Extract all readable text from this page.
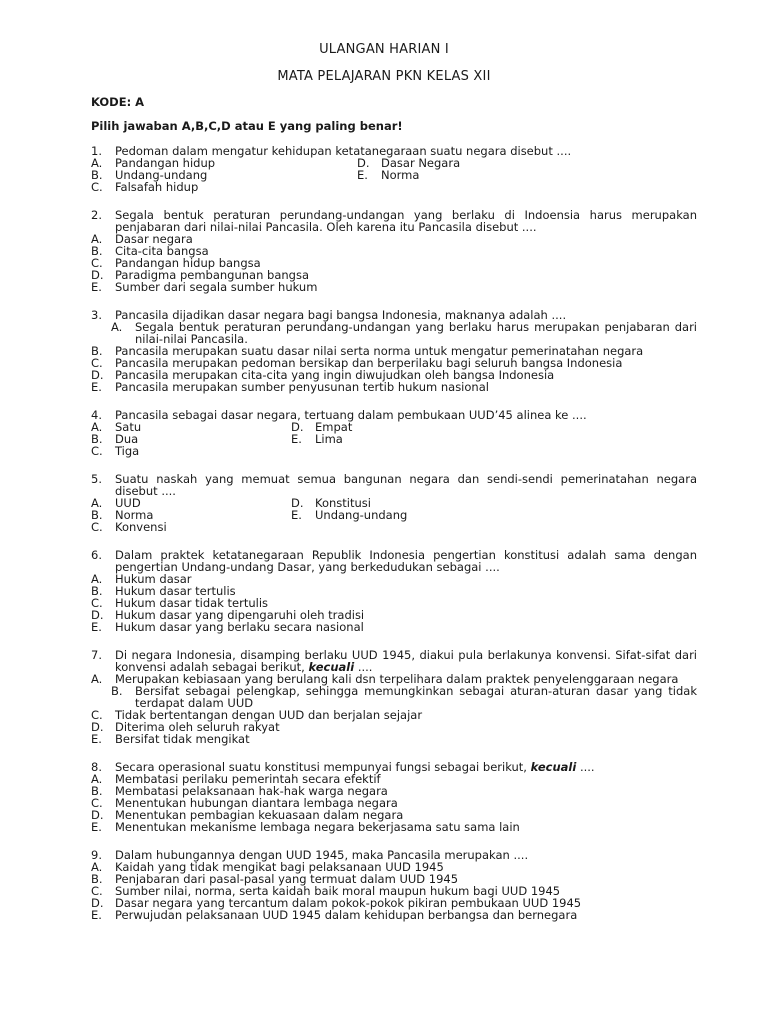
ULANGAN HARIAN I
MATA PELAJARAN PKN KELAS XII
KODE: A
Pilih jawaban A,B,C,D atau E yang paling benar!
1.	Pedoman dalam mengatur kehidupan ketatanegaraan suatu negara disebut ....
A.	Pandangan hidup	D. Dasar Negara
B.	Undang-undang	E.	Norma
C.	Falsafah hidup
2.	Segala bentuk peraturan perundang-undangan yang berlaku di Indoensia harus merupakan penjabaran dari nilai-nilai Pancasila. Oleh karena itu Pancasila disebut ....
A.	Dasar negara
B.	Cita-cita bangsa
C.	Pandangan hidup bangsa
D. Paradigma pembangunan bangsa
E.	Sumber dari segala sumber hukum
3.	Pancasila dijadikan dasar negara bagi bangsa Indonesia, maknanya adalah ....
A.	Segala bentuk peraturan perundang-undangan yang berlaku harus merupakan penjabaran dari nilai-nilai Pancasila.
B.	Pancasila merupakan suatu dasar nilai serta norma untuk mengatur pemerinatahan negara
C.	Pancasila merupakan pedoman bersikap dan berperilaku bagi seluruh bangsa Indonesia
D. Pancasila merupakan cita-cita yang ingin diwujudkan oleh bangsa Indonesia
E.	Pancasila merupakan sumber penyusunan tertib hukum nasional
4.	Pancasila sebagai dasar negara, tertuang dalam pembukaan UUD’45 alinea ke ....
A.	Satu	D. Empat
B.	Dua	E.	Lima
C.	Tiga
5.	Suatu naskah yang memuat semua bangunan negara dan sendi-sendi pemerinatahan negara disebut ....
A.	UUD	D. Konstitusi
B.	Norma	E.	Undang-undang
C.	Konvensi
6.	Dalam praktek ketatanegaraan Republik Indonesia pengertian konstitusi adalah sama dengan pengertian Undang-undang Dasar, yang berkedudukan sebagai ....
A.	Hukum dasar
B.	Hukum dasar tertulis
C.	Hukum dasar tidak tertulis
D. Hukum dasar yang dipengaruhi oleh tradisi
E.	Hukum dasar yang berlaku secara nasional
7.	Di negara Indonesia, disamping berlaku UUD 1945, diakui pula berlakunya konvensi. Sifat-sifat dari konvensi adalah sebagai berikut, kecuali ....
A.	Merupakan kebiasaan yang berulang kali dsn terpelihara dalam praktek penyelenggaraan negara
B.	Bersifat sebagai pelengkap, sehingga memungkinkan sebagai aturan-aturan dasar yang tidak terdapat dalam UUD
C.	Tidak bertentangan dengan UUD dan berjalan sejajar
D. Diterima oleh seluruh rakyat
E.	Bersifat tidak mengikat
8.	Secara operasional suatu konstitusi mempunyai fungsi sebagai berikut, kecuali ....
A.	Membatasi perilaku pemerintah secara efektif
B.	Membatasi pelaksanaan hak-hak warga negara
C.	Menentukan hubungan diantara lembaga negara
D. Menentukan pembagian kekuasaan dalam negara
E.	Menentukan mekanisme lembaga negara bekerjasama satu sama lain
9.	Dalam hubungannya dengan UUD 1945, maka Pancasila merupakan ....
A.	Kaidah yang tidak mengikat bagi pelaksanaan UUD 1945
B.	Penjabaran dari pasal-pasal yang termuat dalam UUD 1945
C.	Sumber nilai, norma, serta kaidah baik moral maupun hukum bagi UUD 1945
D. Dasar negara yang tercantum dalam pokok-pokok pikiran pembukaan UUD 1945
E.	Perwujudan pelaksanaan UUD 1945 dalam kehidupan berbangsa dan bernegara
